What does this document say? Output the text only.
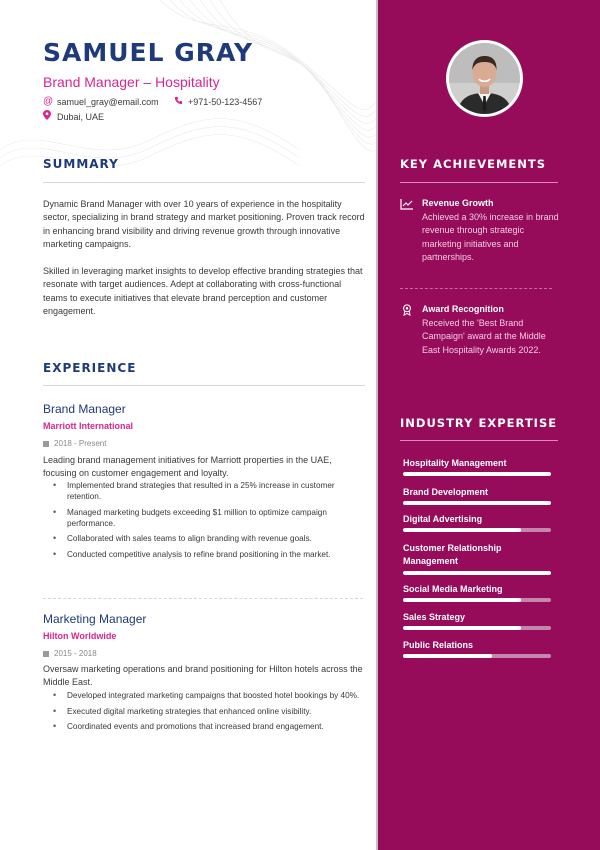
SAMUEL GRAY
Brand Manager – Hospitality
@ samuel_gray@email.com	+971-50-123-4567
Dubai, UAE
SUMMARY
Dynamic Brand Manager with over 10 years of experience in the hospitality sector, specializing in brand strategy and market positioning. Proven track record in enhancing brand visibility and driving revenue growth through innovative marketing campaigns.
Skilled in leveraging market insights to develop effective branding strategies that resonate with target audiences. Adept at collaborating with cross-functional teams to execute initiatives that elevate brand perception and customer engagement.
EXPERIENCE
Brand Manager
Marriott International
2018 - Present
Leading brand management initiatives for Marriott properties in the UAE, focusing on customer engagement and loyalty.
• Implemented brand strategies that resulted in a 25% increase in customer retention.
• Managed marketing budgets exceeding $1 million to optimize campaign performance.
• Collaborated with sales teams to align branding with revenue goals.
• Conducted competitive analysis to refine brand positioning in the market.
Marketing Manager
Hilton Worldwide
2015 - 2018
Oversaw marketing operations and brand positioning for Hilton hotels across the Middle East.
• Developed integrated marketing campaigns that boosted hotel bookings by 40%.
• Executed digital marketing strategies that enhanced online visibility.
• Coordinated events and promotions that increased brand engagement.
KEY ACHIEVEMENTS
Revenue Growth
Achieved a 30% increase in brand revenue through strategic marketing initiatives and partnerships.
Award Recognition
Received the 'Best Brand Campaign' award at the Middle East Hospitality Awards 2022.
INDUSTRY EXPERTISE
Hospitality Management
Brand Development
Digital Advertising
Customer Relationship Management
Social Media Marketing
Sales Strategy
Public Relations
